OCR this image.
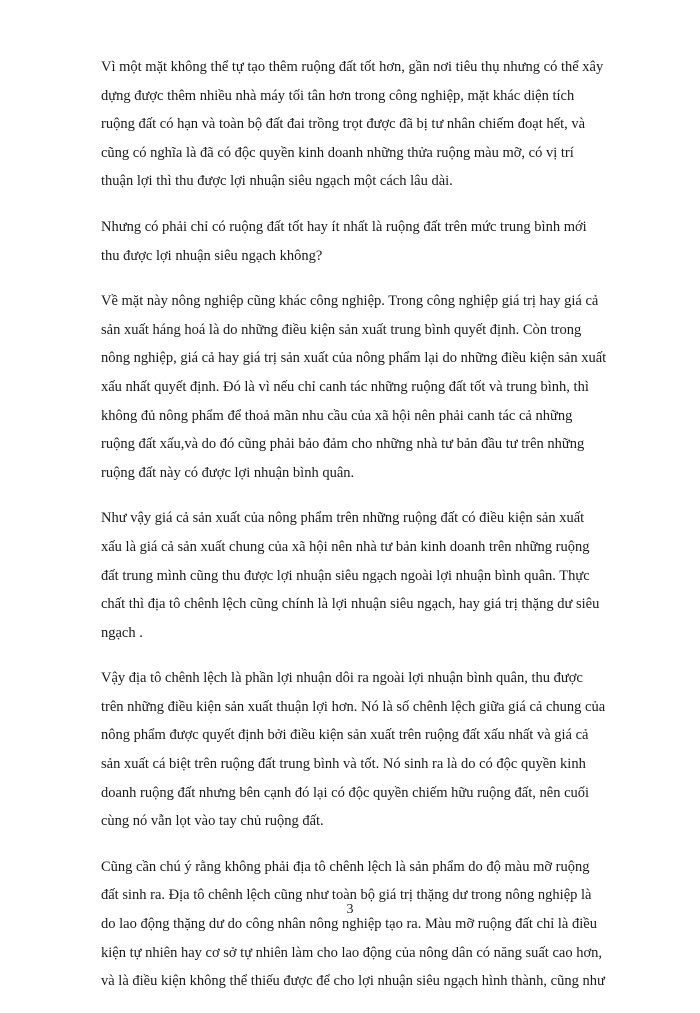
Vì một mặt không thể tự tạo thêm ruộng đất tốt hơn, gần nơi tiêu thụ nhưng có thể xây
dựng được thêm nhiều nhà máy tối tân hơn trong công nghiệp, mặt khác diện tích
ruộng đất có hạn và toàn bộ đất đai trồng trọt được đã bị tư nhân chiếm đoạt hết, và
cũng có nghĩa là đã có độc quyền kinh doanh những thửa ruộng màu mỡ, có vị trí
thuận lợi thì thu được lợi nhuận siêu ngạch một cách lâu dài.

Nhưng có phải chỉ có ruộng đất tốt hay ít nhất là ruộng đất trên mức trung bình mới
thu được lợi nhuận siêu ngạch không?

Về mặt này nông nghiệp cũng khác công nghiệp. Trong công nghiệp giá trị hay giá cả
sản xuất háng hoá là do những điều kiện sản xuất trung bình quyết định. Còn trong
nông nghiệp, giá cả hay giá trị sản xuất của nông phẩm lại do những điều kiện sản xuất
xấu nhất quyết định. Đó là vì nếu chỉ canh tác những ruộng đất tốt và trung bình, thì
không đủ nông phẩm để thoả mãn nhu cầu của xã hội nên phải canh tác cả những
ruộng đất xấu,và do đó cũng phải bảo đảm cho những nhà tư bản đầu tư trên những
ruộng đất này có được lợi nhuận bình quân.

Như vậy giá cả sản xuất của nông phẩm trên những ruộng đất có điều kiện sản xuất
xấu là giá cả sản xuất chung của xã hội nên nhà tư bản kinh doanh trên những ruộng
đất trung mình cũng thu được lợi nhuận siêu ngạch ngoài lợi nhuận bình quân. Thực
chất thì địa tô chênh lệch cũng chính là lợi nhuận siêu ngạch, hay giá trị thặng dư siêu
ngạch .

Vậy địa tô chênh lệch là phần lợi nhuận dôi ra ngoài lợi nhuận bình quân, thu được
trên những điều kiện sản xuất thuận lợi hơn. Nó là số chênh lệch giữa giá cả chung của
nông phẩm được quyết định bởi điều kiện sản xuất trên ruộng đất xấu nhất và giá cả
sản xuất cá biệt trên ruộng đất trung bình và tốt. Nó sinh ra là do có độc quyền kinh
doanh ruộng đất nhưng bên cạnh đó lại có độc quyền chiếm hữu ruộng đất, nên cuối
cùng nó vẫn lọt vào tay chủ ruộng đất.

Cũng cần chú ý rằng không phải địa tô chênh lệch là sản phẩm do độ màu mỡ ruộng
đất sinh ra. Địa tô chênh lệch cũng như toàn bộ giá trị thặng dư trong nông nghiệp là
do lao động thặng dư do công nhân nông nghiệp tạo ra. Màu mỡ ruộng đất chỉ là điều
kiện tự nhiên hay cơ sở tự nhiên làm cho lao động của nông dân có năng suất cao hơn,
và là điều kiện không thể thiếu được để cho lợi nhuận siêu ngạch hình thành, cũng như

3
